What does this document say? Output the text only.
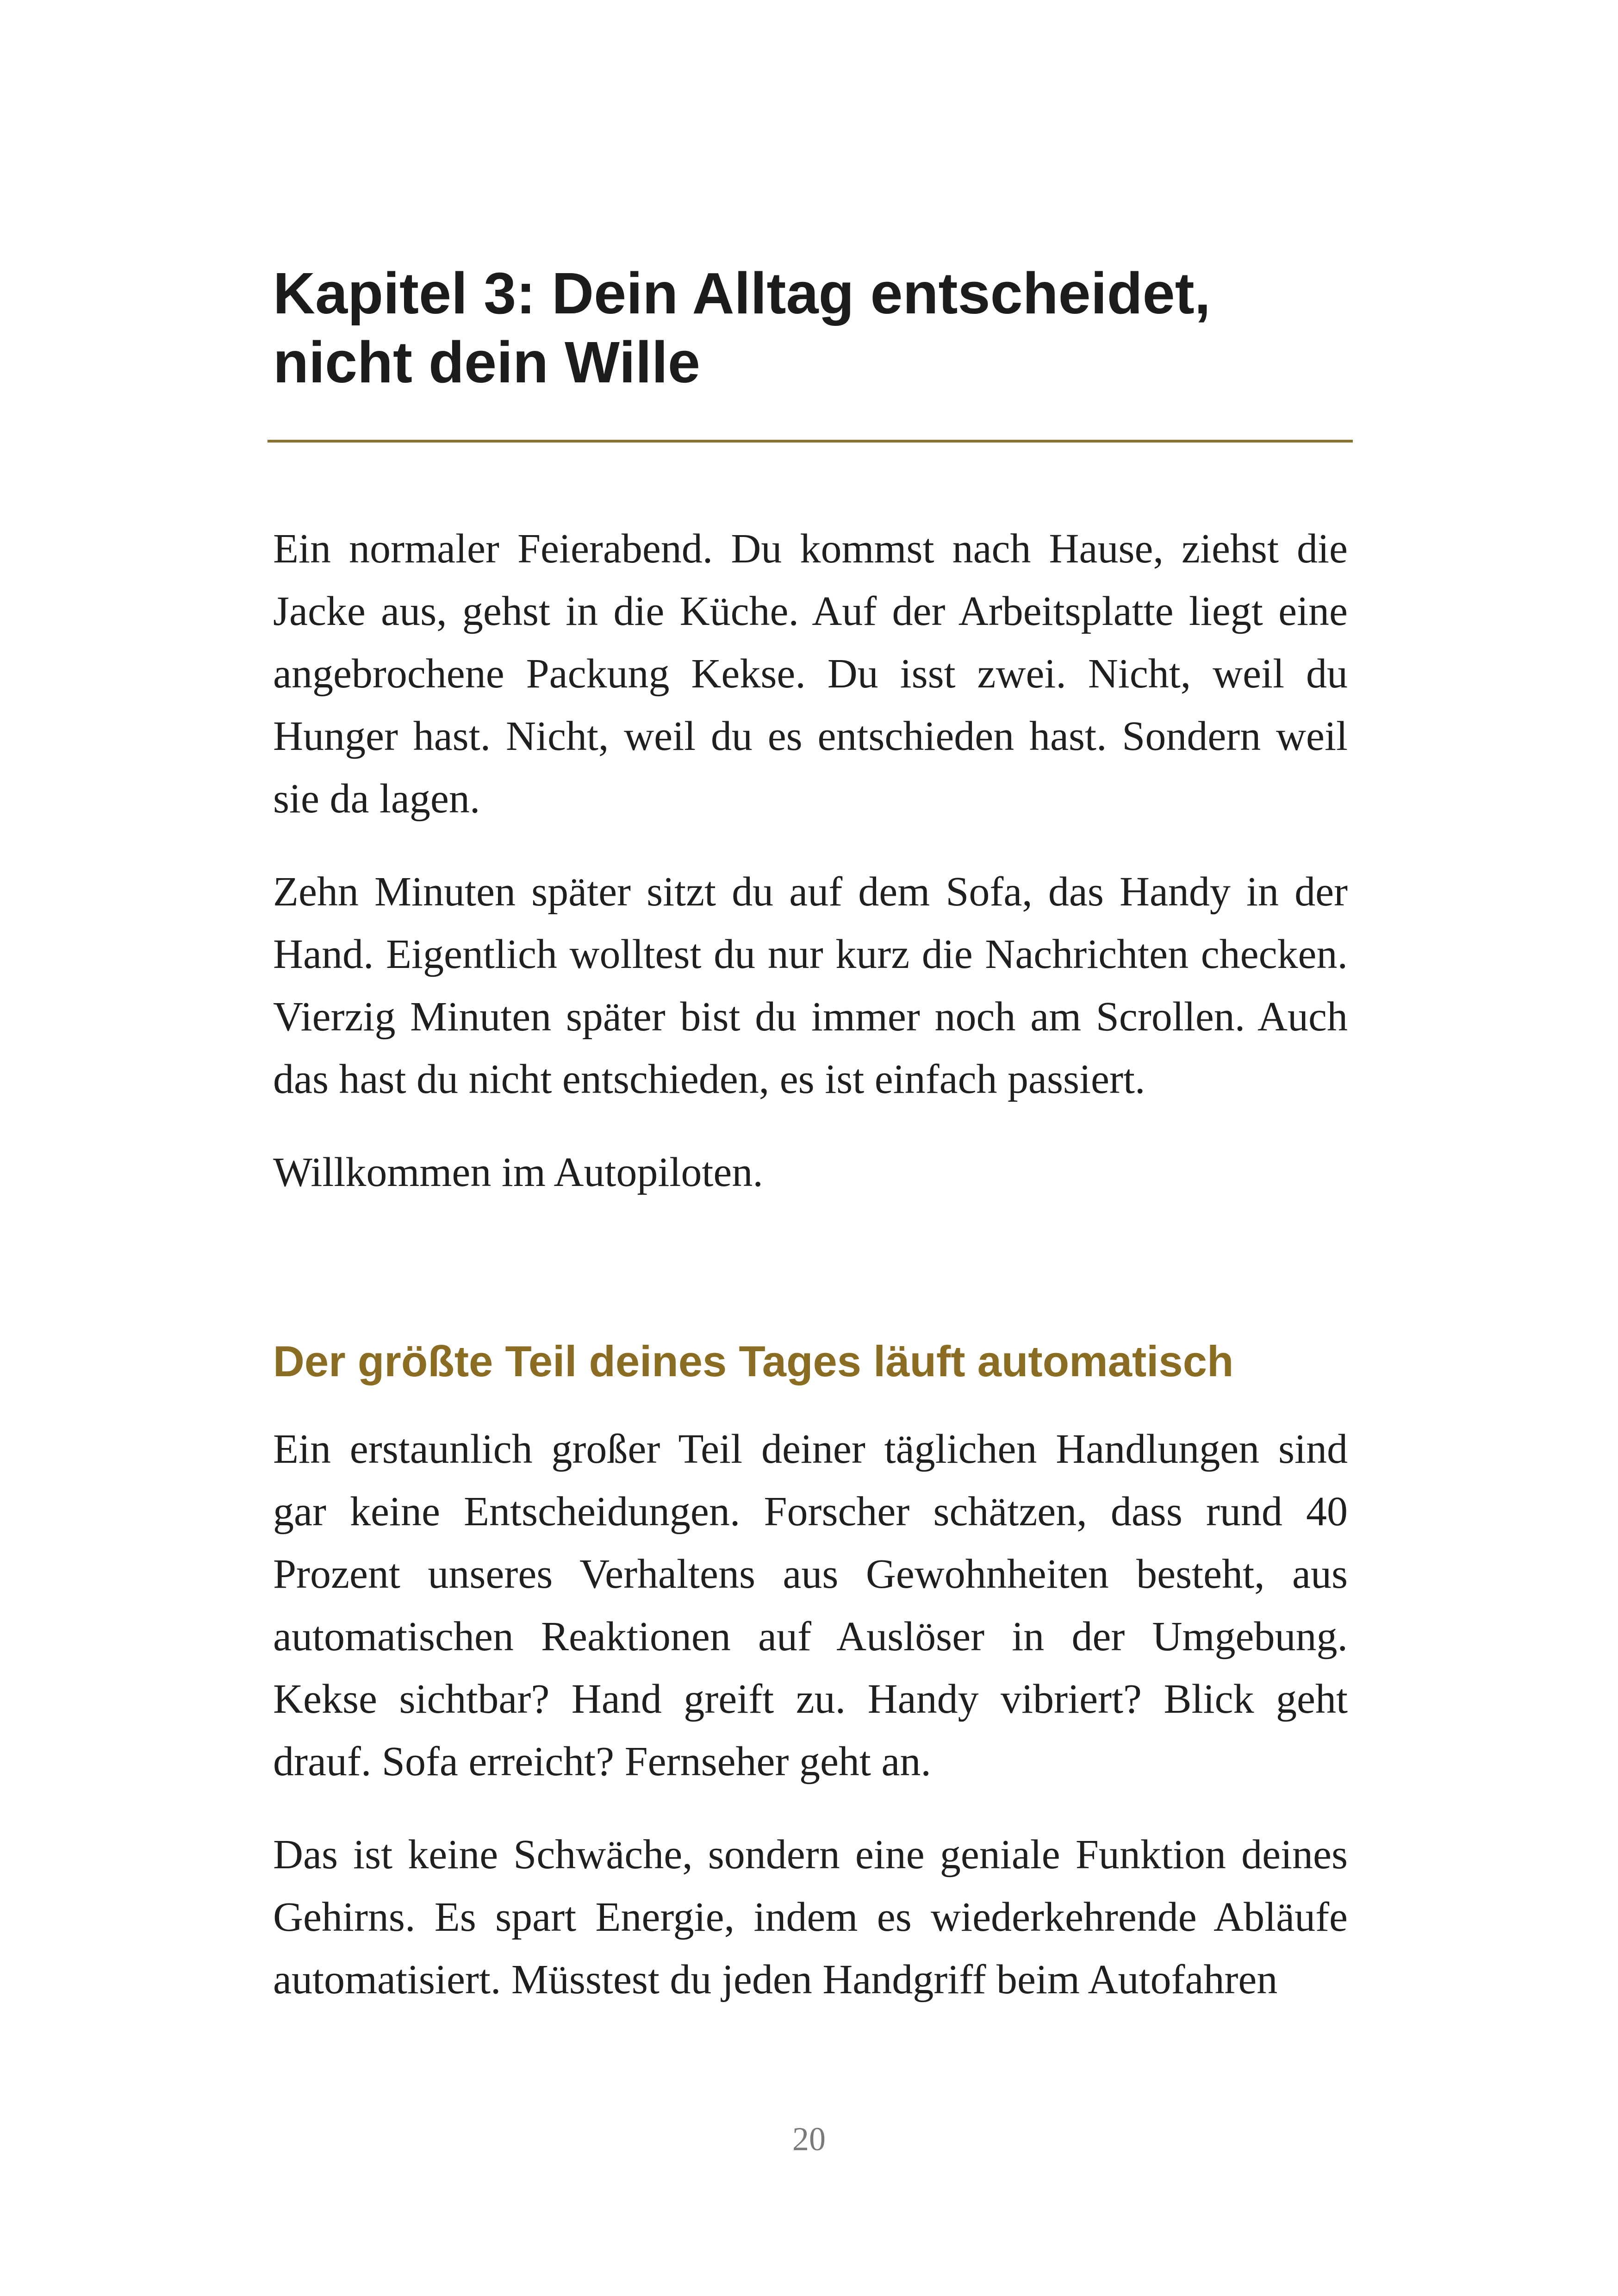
Kapitel 3: Dein Alltag entscheidet,
nicht dein Wille

Ein normaler Feierabend. Du kommst nach Hause, ziehst die Jacke aus, gehst in die Küche. Auf der Arbeitsplatte liegt eine angebrochene Packung Kekse. Du isst zwei. Nicht, weil du Hunger hast. Nicht, weil du es entschieden hast. Sondern weil sie da lagen.

Zehn Minuten später sitzt du auf dem Sofa, das Handy in der Hand. Eigentlich wolltest du nur kurz die Nachrichten checken. Vierzig Minuten später bist du immer noch am Scrollen. Auch das hast du nicht entschieden, es ist einfach passiert.

Willkommen im Autopiloten.

Der größte Teil deines Tages läuft automatisch

Ein erstaunlich großer Teil deiner täglichen Handlungen sind gar keine Entscheidungen. Forscher schätzen, dass rund 40 Prozent unseres Verhaltens aus Gewohnheiten besteht, aus automatischen Reaktionen auf Auslöser in der Umgebung. Kekse sichtbar? Hand greift zu. Handy vibriert? Blick geht drauf. Sofa erreicht? Fernseher geht an.

Das ist keine Schwäche, sondern eine geniale Funktion deines Gehirns. Es spart Energie, indem es wiederkehrende Abläufe automatisiert. Müsstest du jeden Handgriff beim Autofahren

20
